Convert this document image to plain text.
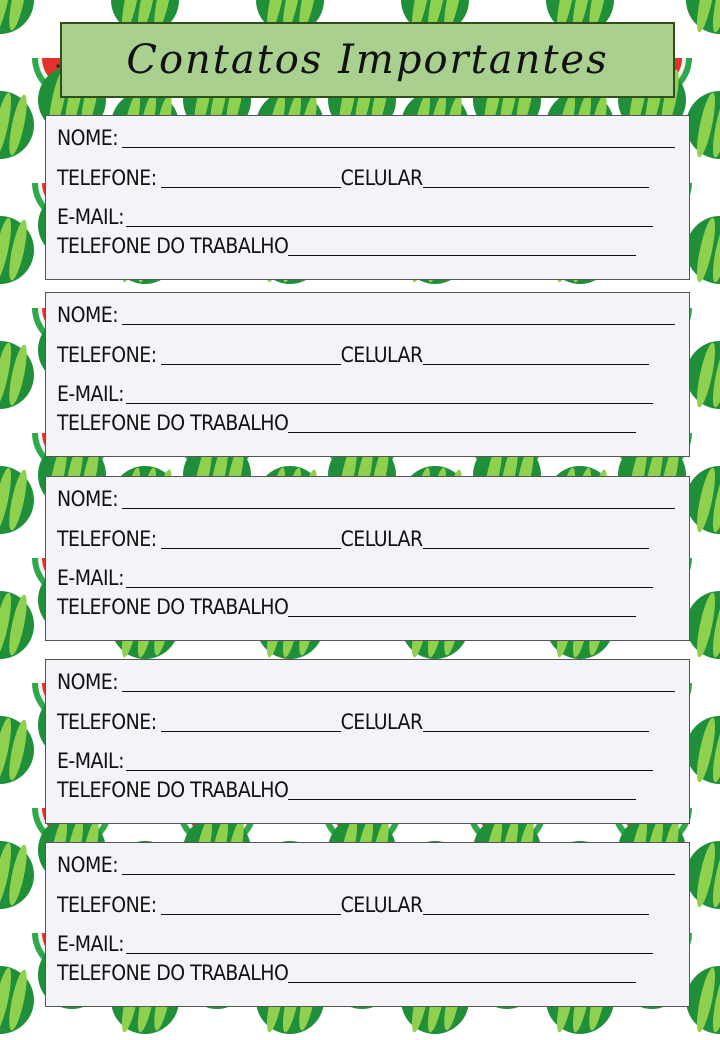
Contatos Importantes
NOME:
TELEFONE:	CELULAR
E-MAIL:
TELEFONE DO TRABALHO
NOME:
TELEFONE:	CELULAR
E-MAIL:
TELEFONE DO TRABALHO
NOME:
TELEFONE:	CELULAR
E-MAIL:
TELEFONE DO TRABALHO
NOME:
TELEFONE:	CELULAR
E-MAIL:
TELEFONE DO TRABALHO
NOME:
TELEFONE:	CELULAR
E-MAIL:
TELEFONE DO TRABALHO
